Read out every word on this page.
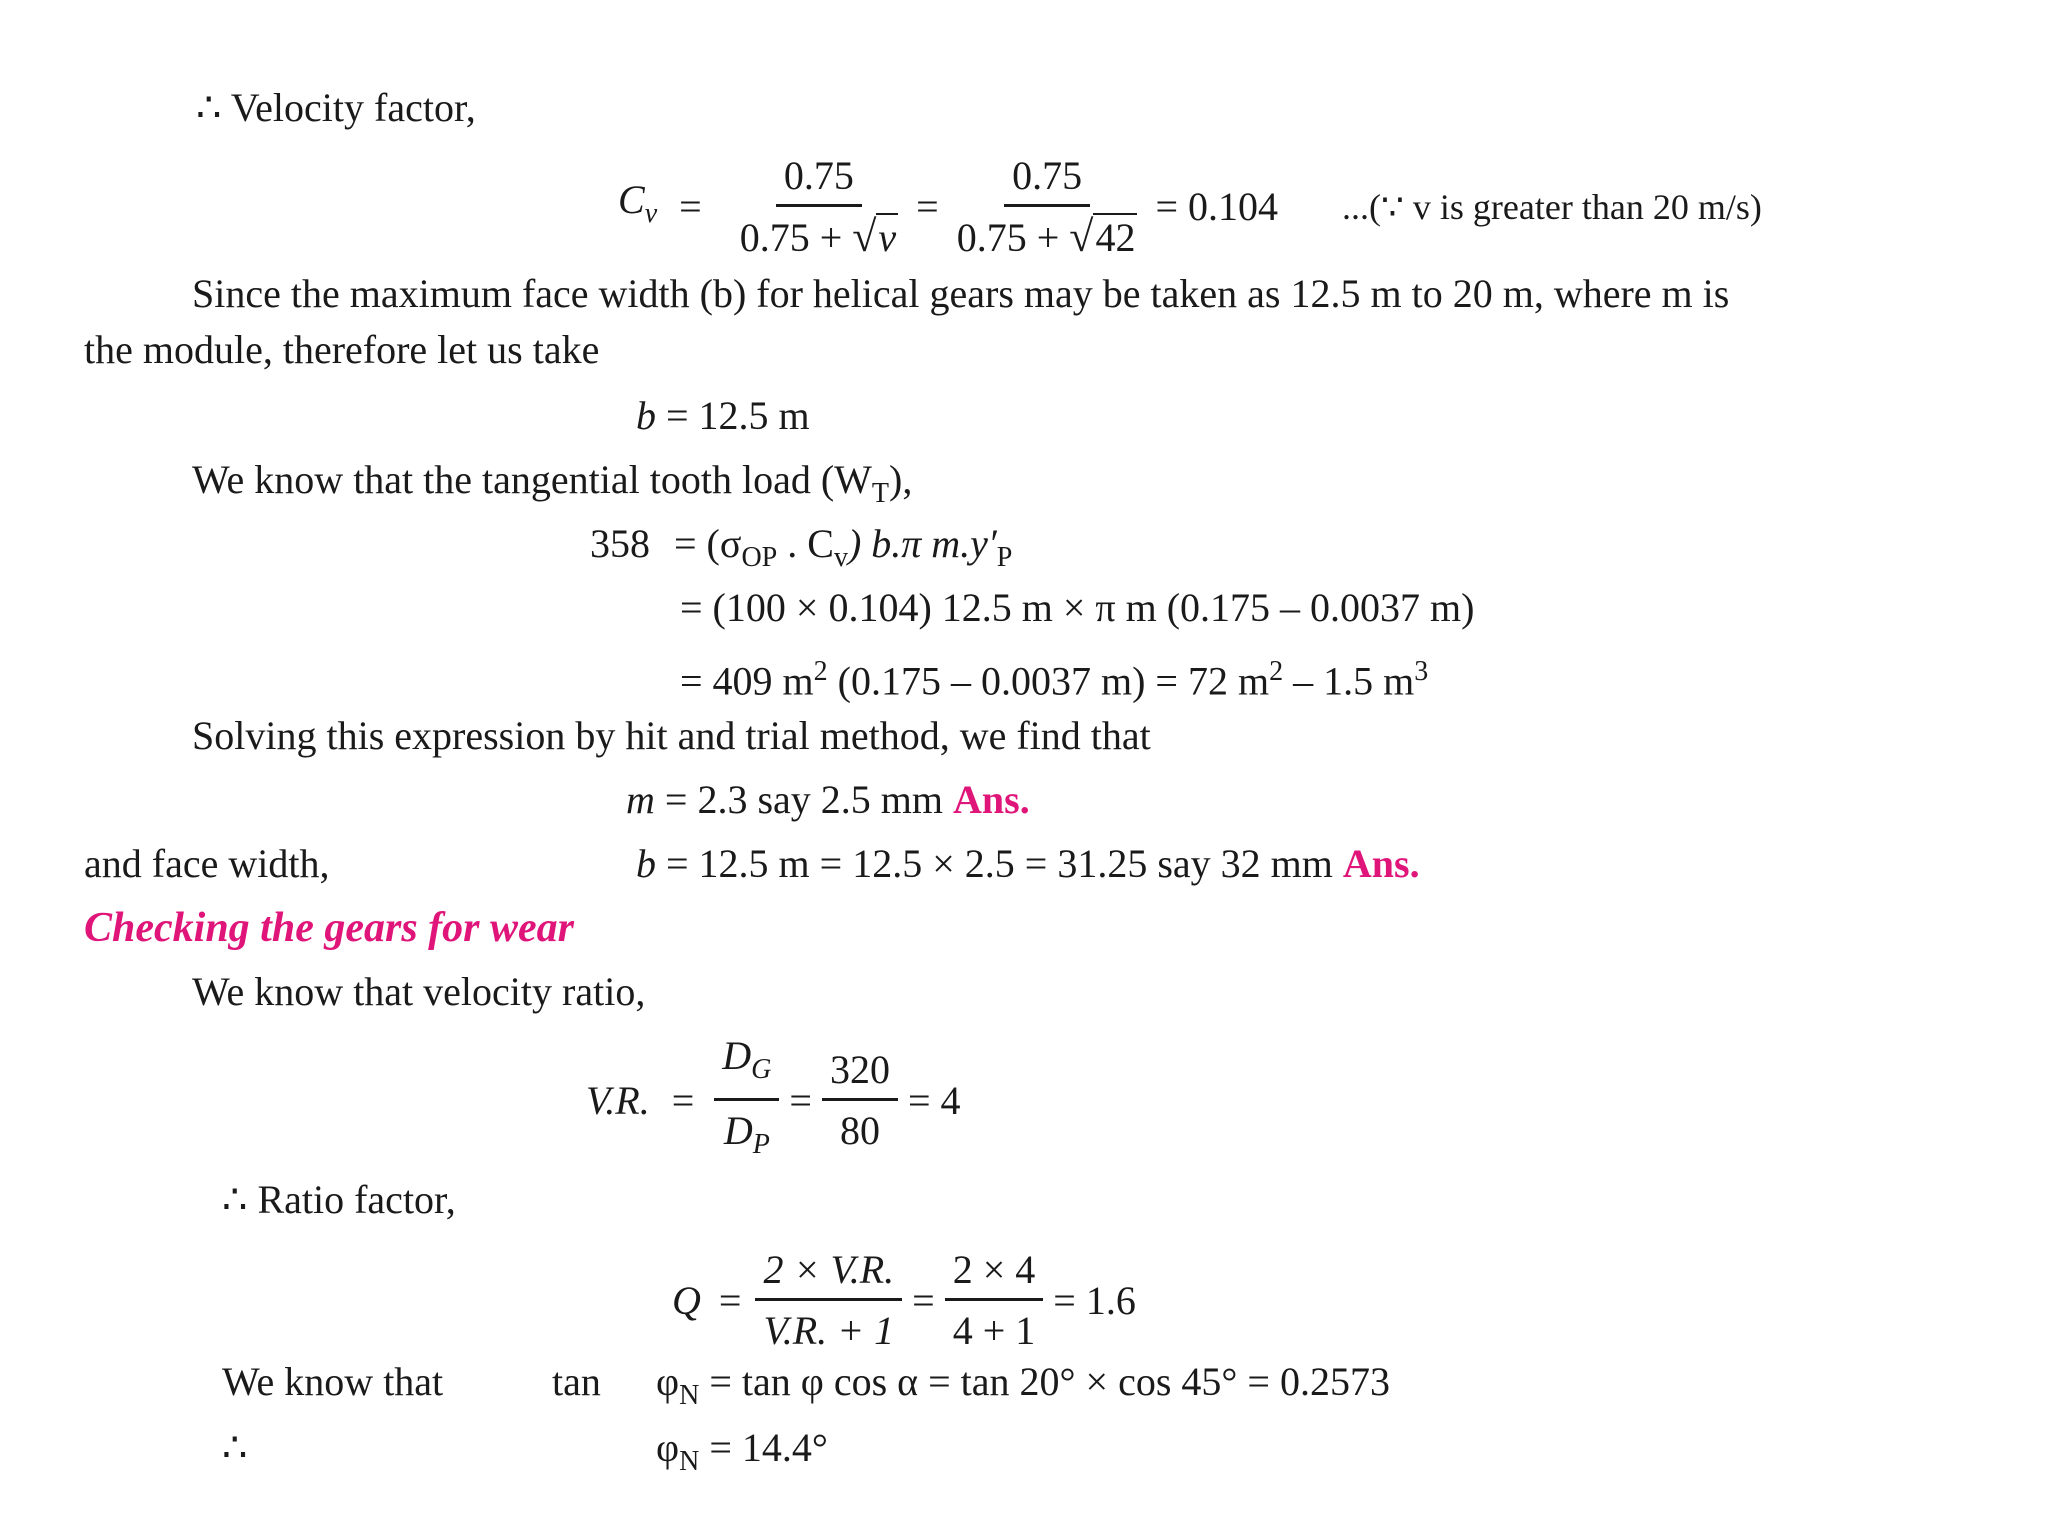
∴ Velocity factor,
$C_v = \frac{0.75}{0.75 + √v} = \frac{0.75}{0.75 + √42} = 0.104$ ...(∵ v is greater than 20 m/s)
Since the maximum face width (b) for helical gears may be taken as 12.5 m to 20 m, where m is
the module, therefore let us take
b = 12.5 m
We know that the tangential tooth load $(W_T)$,
$358 = (\sigma_{OP}$ . $C_v$) b.π $m.y'_P$
= (100 × 0.104) 12.5 m × π m (0.175 – 0.0037 m)
= 409 $m^2$ (0.175 – 0.0037 m) = 72 $m^2 - 1.5$ $m^3$
Solving this expression by hit and trial method, we find that
m = 2.3 say 2.5 mm Ans.
and face width,	b = 12.5 m = 12.5 × 2.5 = 31.25 say 32 mm Ans.
Checking the gears for wear
We know that velocity ratio,
V.R. = $\frac{D_G}{D_P} = \frac{320}{80} = 4$
∴ Ratio factor,
$Q = \frac{2 \times V.R.}{V.R. + 1} = \frac{2 \times 4}{4 + 1} = 1.6$
We know that	$\tan \varphi_N = \tan \varphi$ cos α = tan 20° × cos 45° = 0.2573
∴	$\varphi_N = 14.4^\circ$
